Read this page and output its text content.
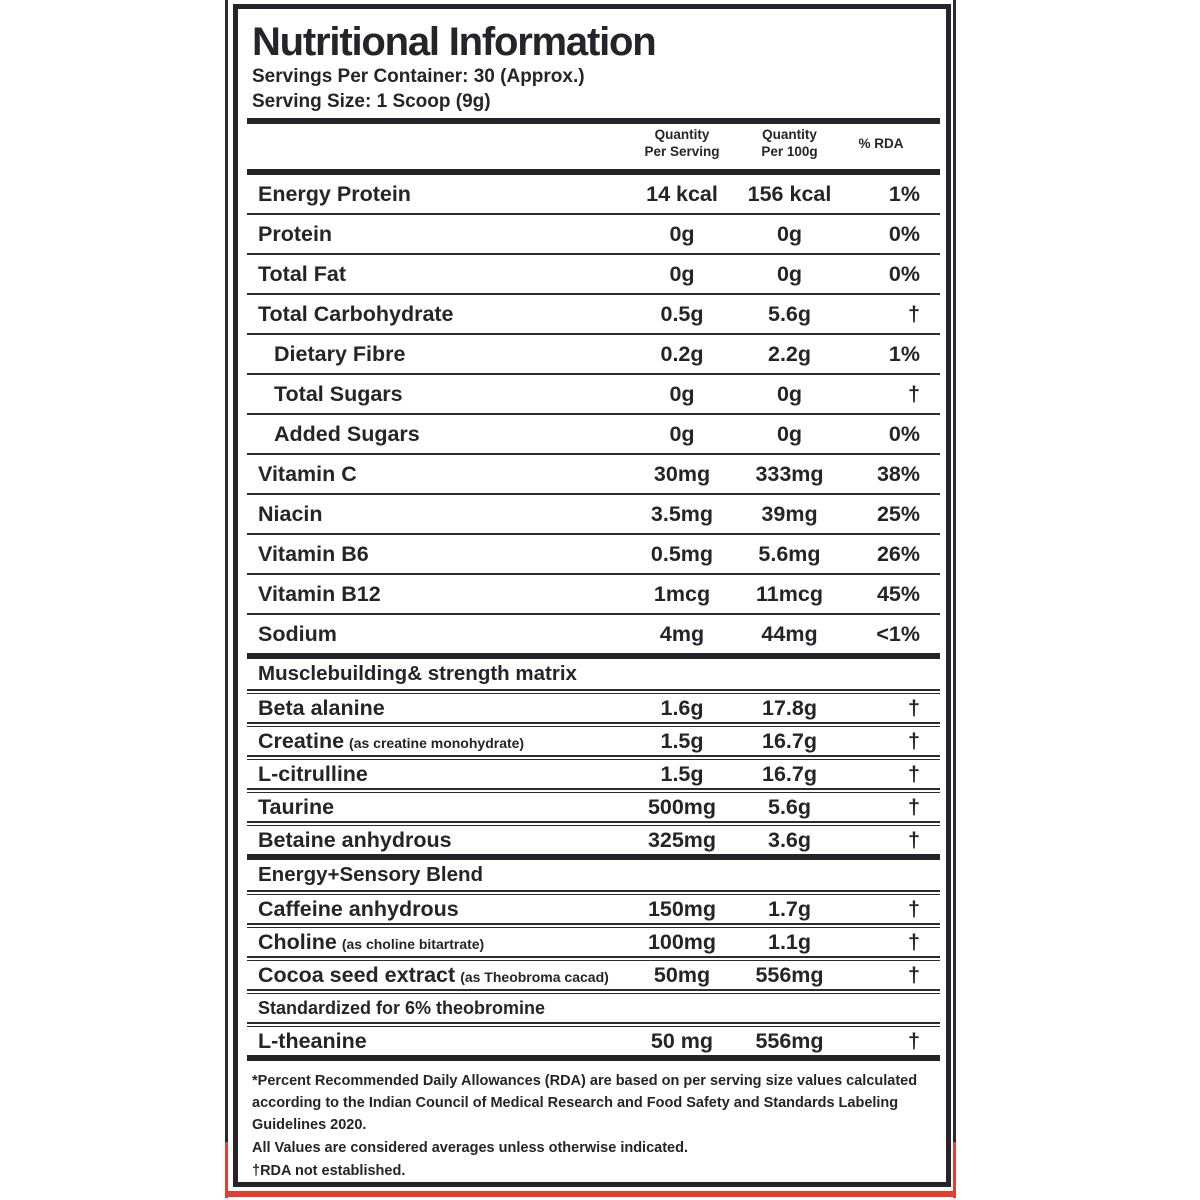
Nutritional Information
Servings Per Container: 30 (Approx.)
Serving Size: 1 Scoop (9g)
Quantity
Per Serving
Quantity
Per 100g
% RDA
Energy Protein	14 kcal	156 kcal	1%
Protein	0g	0g	0%
Total Fat	0g	0g	0%
Total Carbohydrate	0.5g	5.6g	†
Dietary Fibre	0.2g	2.2g	1%
Total Sugars	0g	0g	†
Added Sugars	0g	0g	0%
Vitamin C	30mg	333mg	38%
Niacin	3.5mg	39mg	25%
Vitamin B6	0.5mg	5.6mg	26%
Vitamin B12	1mcg	11mcg	45%
Sodium	4mg	44mg	<1%
Musclebuilding& strength matrix
Beta alanine	1.6g	17.8g	†
Creatine (as creatine monohydrate)	1.5g	16.7g	†
L-citrulline	1.5g	16.7g	†
Taurine	500mg	5.6g	†
Betaine anhydrous	325mg	3.6g	†
Energy+Sensory Blend
Caffeine anhydrous	150mg	1.7g	†
Choline (as choline bitartrate)	100mg	1.1g	†
Cocoa seed extract (as Theobroma cacad)	50mg	556mg	†
Standardized for 6% theobromine
L-theanine	50 mg	556mg	†
*Percent Recommended Daily Allowances (RDA) are based on per serving size values calculated
according to the Indian Council of Medical Research and Food Safety and Standards Labeling
Guidelines 2020.
All Values are considered averages unless otherwise indicated.
†RDA not established.
